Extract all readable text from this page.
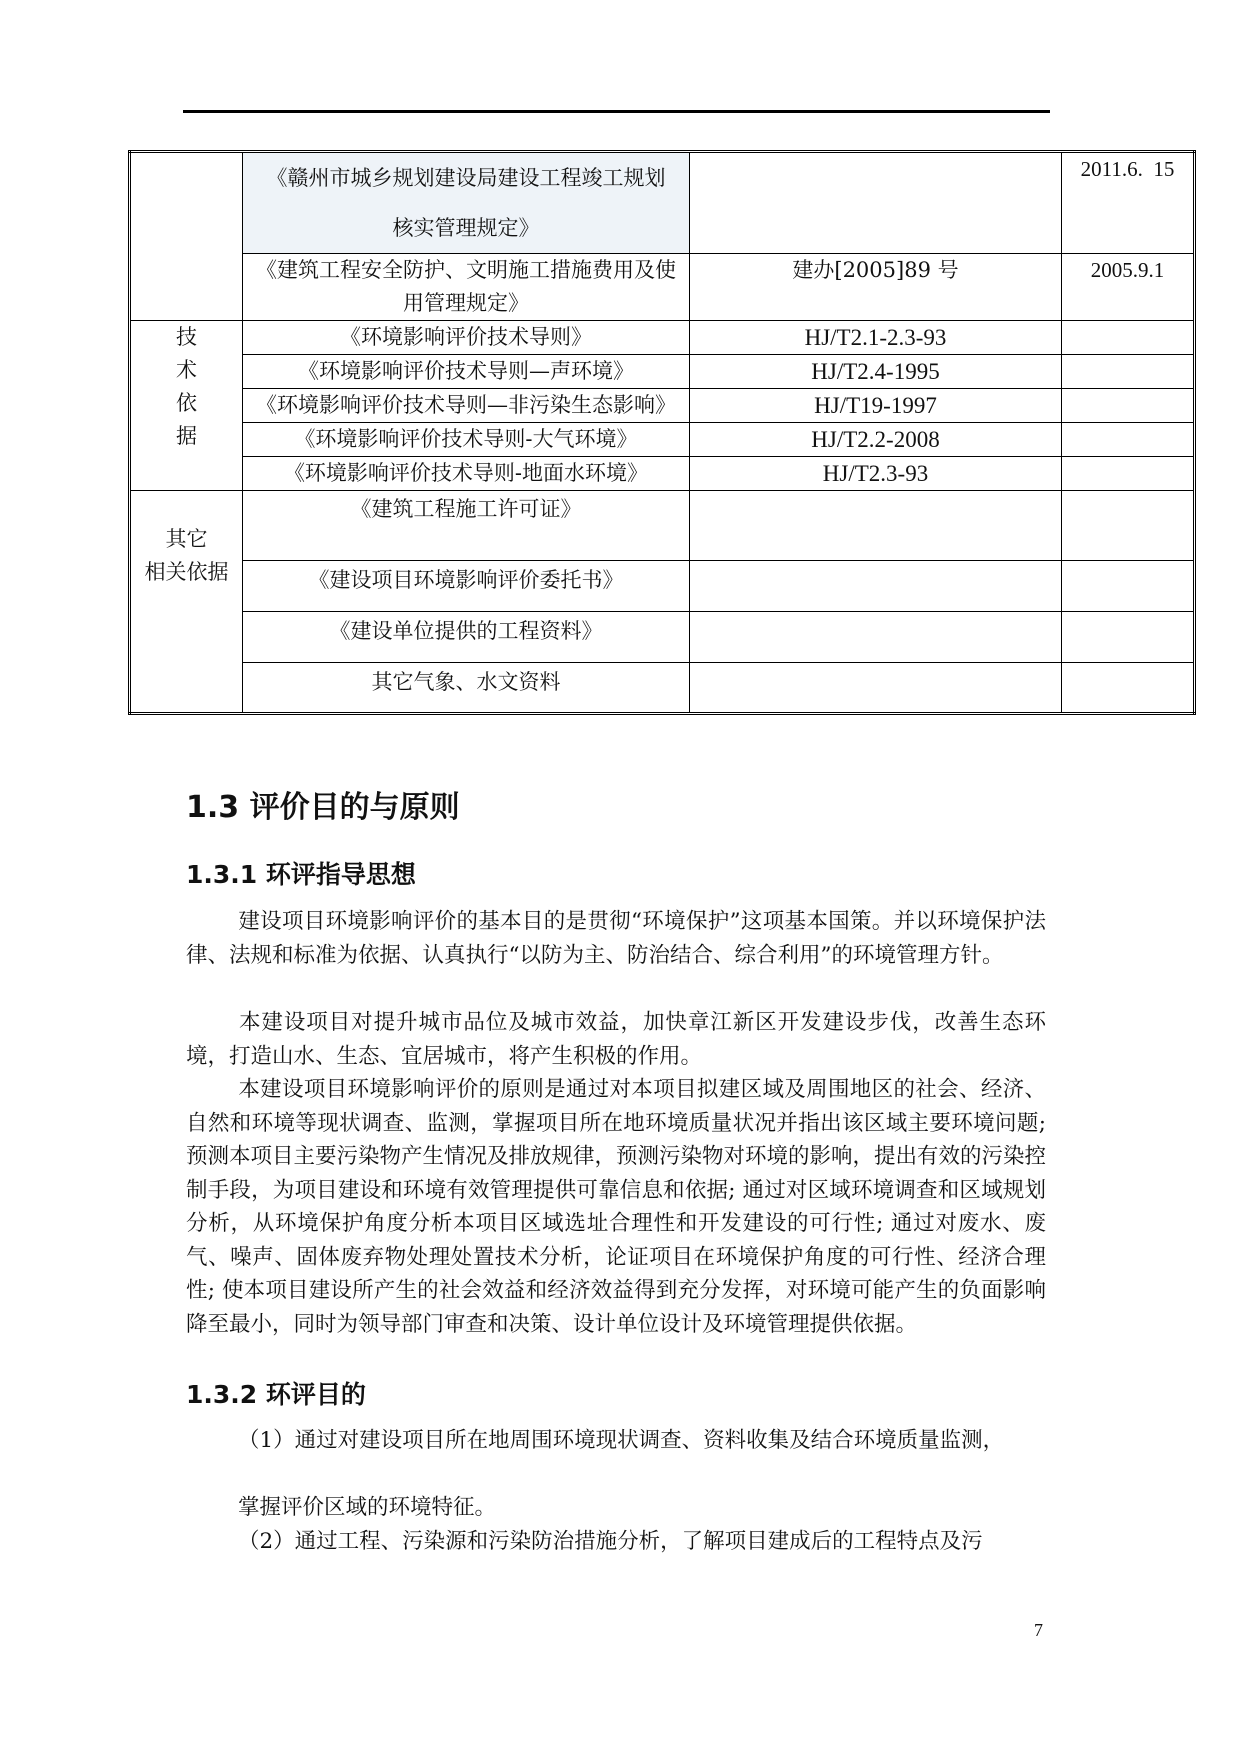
	《赣州市城乡规划建设局建设工程竣工规划
核实管理规定》		2011.6.  15

	《建筑工程安全防护、文明施工措施费用及使
用管理规定》	建办[2005]89 号	2005.9.1

技
术
依
据	《环境影响评价技术导则》	HJ/T2.1-2.3-93	
	《环境影响评价技术导则—声环境》	HJ/T2.4-1995	
	《环境影响评价技术导则—非污染生态影响》	HJ/T19-1997	
	《环境影响评价技术导则-大气环境》	HJ/T2.2-2008	
	《环境影响评价技术导则-地面水环境》	HJ/T2.3-93	

其它
相关依据	《建筑工程施工许可证》		
	《建设项目环境影响评价委托书》		
	《建设单位提供的工程资料》		
	其它气象、水文资料		
1.3 评价目的与原则
1.3.1 环评指导思想

建设项目环境影响评价的基本目的是贯彻“环境保护”这项基本国策。并以环境保护法律、法规和标准为依据、认真执行“以防为主、防治结合、综合利用”的环境管理方针。

本建设项目对提升城市品位及城市效益，加快章江新区开发建设步伐，改善生态环境，打造山水、生态、宜居城市，将产生积极的作用。

本建设项目环境影响评价的原则是通过对本项目拟建区域及周围地区的社会、经济、自然和环境等现状调查、监测，掌握项目所在地环境质量状况并指出该区域主要环境问题; 预测本项目主要污染物产生情况及排放规律，预测污染物对环境的影响，提出有效的污染控制手段，为项目建设和环境有效管理提供可靠信息和依据; 通过对区域环境调查和区域规划分析，从环境保护角度分析本项目区域选址合理性和开发建设的可行性; 通过对废水、废气、噪声、固体废弃物处理处置技术分析，论证项目在环境保护角度的可行性、经济合理性; 使本项目建设所产生的社会效益和经济效益得到充分发挥，对环境可能产生的负面影响降至最小，同时为领导部门审查和决策、设计单位设计及环境管理提供依据。

1.3.2 环评目的

（1）通过对建设项目所在地周围环境现状调查、资料收集及结合环境质量监测，

掌握评价区域的环境特征。

（2）通过工程、污染源和污染防治措施分析，了解项目建成后的工程特点及污

7
